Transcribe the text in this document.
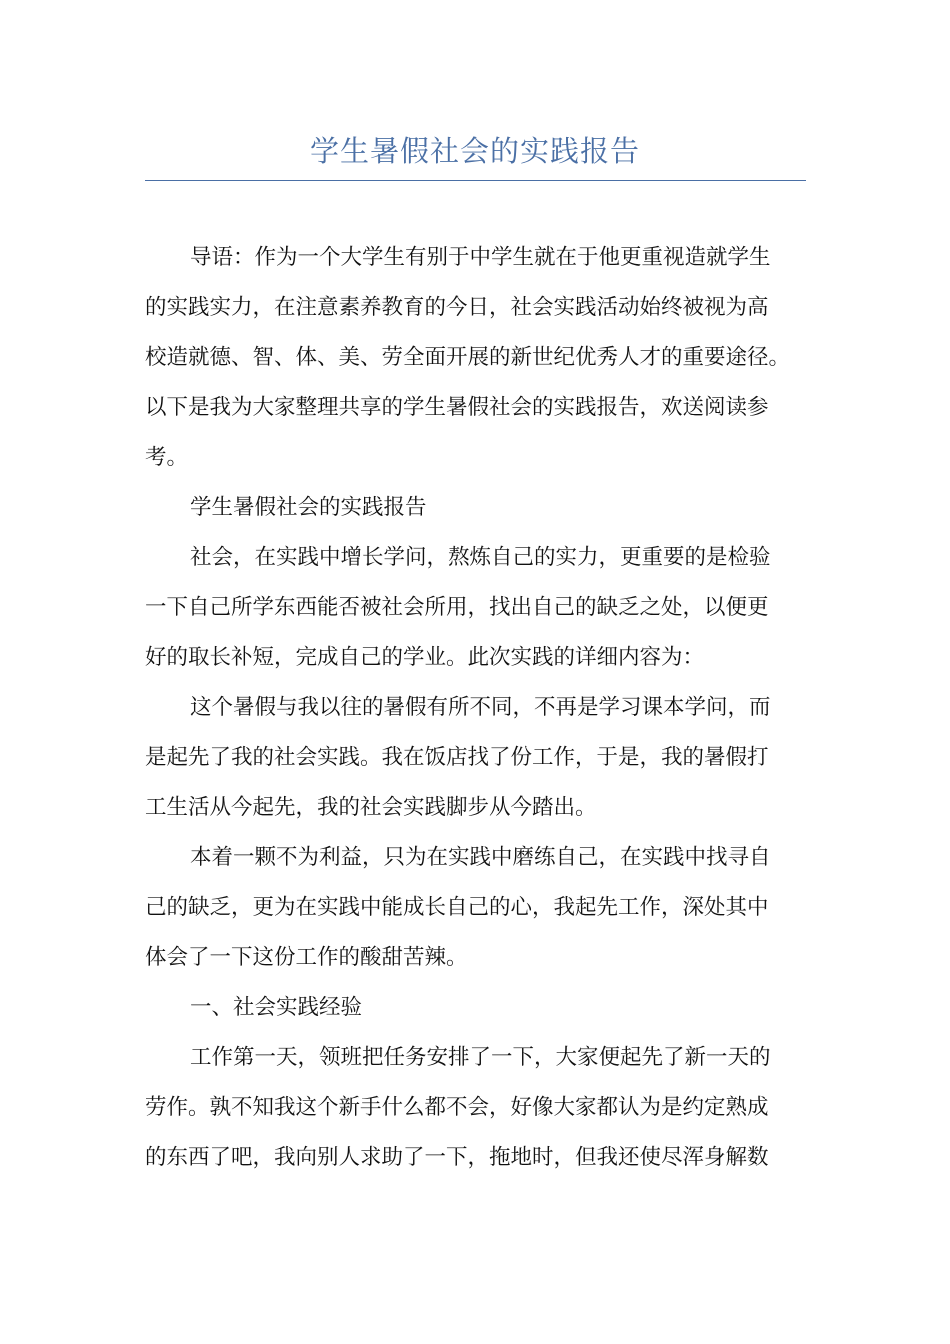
学生暑假社会的实践报告
导语：作为一个大学生有别于中学生就在于他更重视造就学生
的实践实力，在注意素养教育的今日，社会实践活动始终被视为高
校造就德、智、体、美、劳全面开展的新世纪优秀人才的重要途径。
以下是我为大家整理共享的学生暑假社会的实践报告，欢送阅读参
考。
学生暑假社会的实践报告
社会，在实践中增长学问，熬炼自己的实力，更重要的是检验
一下自己所学东西能否被社会所用，找出自己的缺乏之处，以便更
好的取长补短，完成自己的学业。此次实践的详细内容为：
这个暑假与我以往的暑假有所不同，不再是学习课本学问，而
是起先了我的社会实践。我在饭店找了份工作，于是，我的暑假打
工生活从今起先，我的社会实践脚步从今踏出。
本着一颗不为利益，只为在实践中磨练自己，在实践中找寻自
己的缺乏，更为在实践中能成长自己的心，我起先工作，深处其中
体会了一下这份工作的酸甜苦辣。
一、社会实践经验
工作第一天，领班把任务安排了一下，大家便起先了新一天的
劳作。孰不知我这个新手什么都不会，好像大家都认为是约定熟成
的东西了吧，我向别人求助了一下，拖地时，但我还使尽浑身解数
